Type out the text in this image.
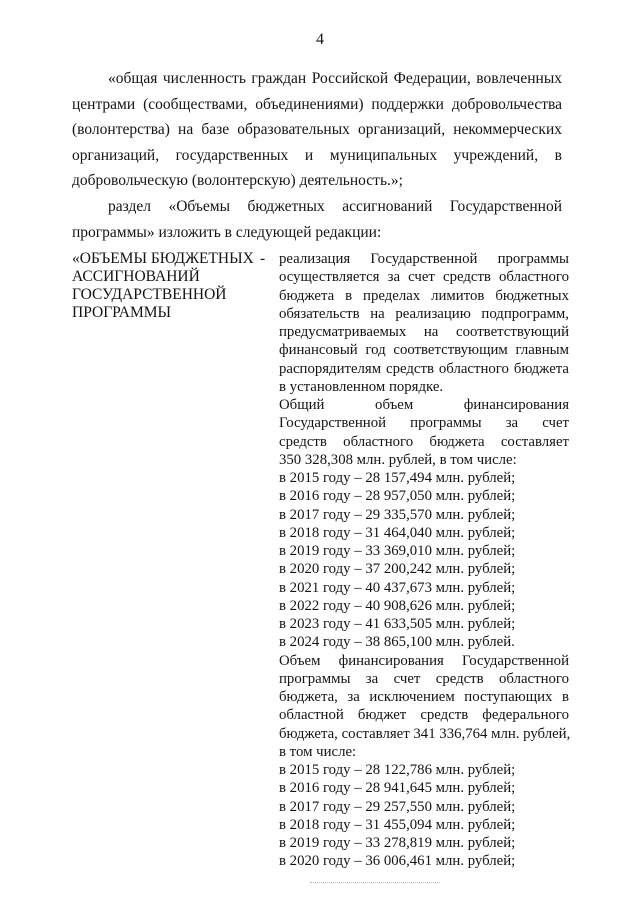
4
«общая численность граждан Российской Федерации, вовлеченных
центрами (сообществами, объединениями) поддержки добровольчества
(волонтерства) на базе образовательных организаций, некоммерческих
организаций, государственных и муниципальных учреждений, в
добровольческую (волонтерскую) деятельность.»;
раздел «Объемы бюджетных ассигнований Государственной
программы» изложить в следующей редакции:
«ОБЪЕМЫ БЮДЖЕТНЫХ
АССИГНОВАНИЙ
ГОСУДАРСТВЕННОЙ
ПРОГРАММЫ
- реализация Государственной программы
осуществляется за счет средств областного
бюджета в пределах лимитов бюджетных
обязательств на реализацию подпрограмм,
предусматриваемых на соответствующий
финансовый год соответствующим главным
распорядителям средств областного бюджета
в установленном порядке.
Общий объем финансирования
Государственной программы за счет
средств областного бюджета составляет
350 328,308 млн. рублей, в том числе:
в 2015 году – 28 157,494 млн. рублей;
в 2016 году – 28 957,050 млн. рублей;
в 2017 году – 29 335,570 млн. рублей;
в 2018 году – 31 464,040 млн. рублей;
в 2019 году – 33 369,010 млн. рублей;
в 2020 году – 37 200,242 млн. рублей;
в 2021 году – 40 437,673 млн. рублей;
в 2022 году – 40 908,626 млн. рублей;
в 2023 году – 41 633,505 млн. рублей;
в 2024 году – 38 865,100 млн. рублей.
Объем финансирования Государственной
программы за счет средств областного
бюджета, за исключением поступающих в
областной бюджет средств федерального
бюджета, составляет 341 336,764 млн. рублей,
в том числе:
в 2015 году – 28 122,786 млн. рублей;
в 2016 году – 28 941,645 млн. рублей;
в 2017 году – 29 257,550 млн. рублей;
в 2018 году – 31 455,094 млн. рублей;
в 2019 году – 33 278,819 млн. рублей;
в 2020 году – 36 006,461 млн. рублей;
